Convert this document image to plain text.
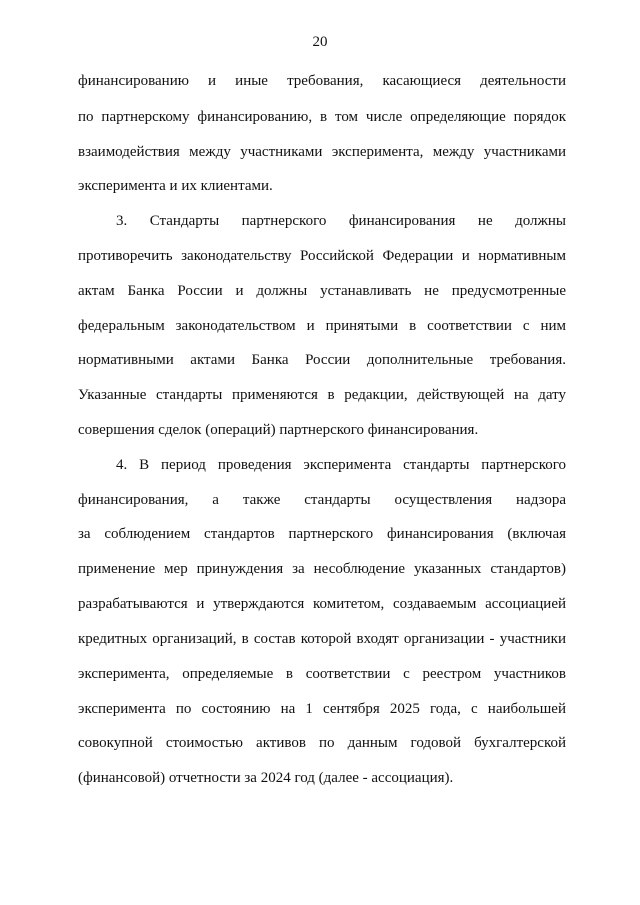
20
финансированию и иные требования, касающиеся деятельности
по партнерскому финансированию, в том числе определяющие порядок
взаимодействия между участниками эксперимента, между участниками
эксперимента и их клиентами.
3. Стандарты партнерского финансирования не должны
противоречить законодательству Российской Федерации и нормативным
актам Банка России и должны устанавливать не предусмотренные
федеральным законодательством и принятыми в соответствии с ним
нормативными актами Банка России дополнительные требования.
Указанные стандарты применяются в редакции, действующей на дату
совершения сделок (операций) партнерского финансирования.
4. В период проведения эксперимента стандарты партнерского
финансирования, а также стандарты осуществления надзора
за соблюдением стандартов партнерского финансирования (включая
применение мер принуждения за несоблюдение указанных стандартов)
разрабатываются и утверждаются комитетом, создаваемым ассоциацией
кредитных организаций, в состав которой входят организации - участники
эксперимента, определяемые в соответствии с реестром участников
эксперимента по состоянию на 1 сентября 2025 года, с наибольшей
совокупной стоимостью активов по данным годовой бухгалтерской
(финансовой) отчетности за 2024 год (далее - ассоциация).
